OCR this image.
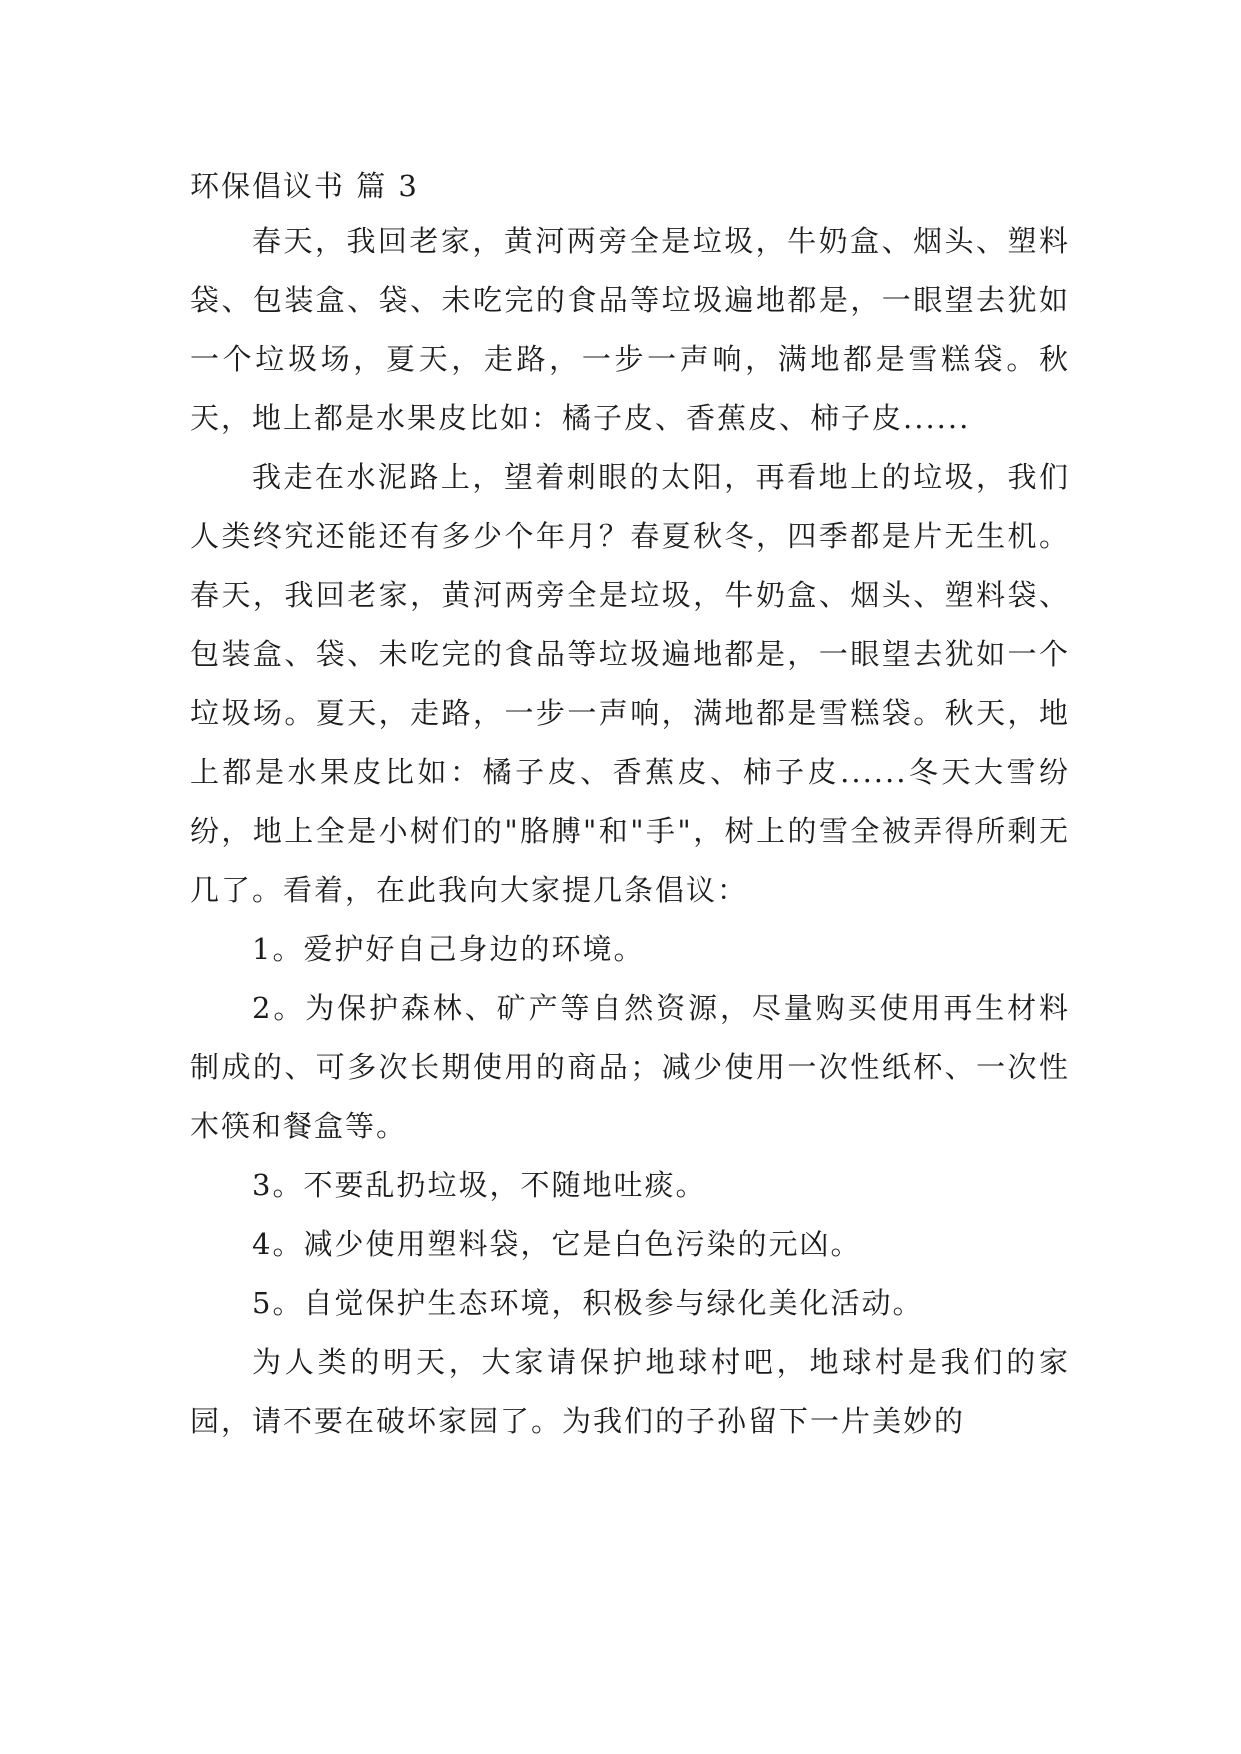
环保倡议书 篇 3

春天，我回老家，黄河两旁全是垃圾，牛奶盒、烟头、塑料袋、包装盒、袋、未吃完的食品等垃圾遍地都是，一眼望去犹如一个垃圾场，夏天，走路，一步一声响，满地都是雪糕袋。秋天，地上都是水果皮比如：橘子皮、香蕉皮、柿子皮......

我走在水泥路上，望着刺眼的太阳，再看地上的垃圾，我们人类终究还能还有多少个年月？春夏秋冬，四季都是片无生机。春天，我回老家，黄河两旁全是垃圾，牛奶盒、烟头、塑料袋、包装盒、袋、未吃完的食品等垃圾遍地都是，一眼望去犹如一个垃圾场。夏天，走路，一步一声响，满地都是雪糕袋。秋天，地上都是水果皮比如：橘子皮、香蕉皮、柿子皮......冬天大雪纷纷，地上全是小树们的"胳膊"和"手"，树上的雪全被弄得所剩无几了。看着，在此我向大家提几条倡议：

1。爱护好自己身边的环境。

2。为保护森林、矿产等自然资源，尽量购买使用再生材料制成的、可多次长期使用的商品；减少使用一次性纸杯、一次性木筷和餐盒等。

3。不要乱扔垃圾，不随地吐痰。

4。减少使用塑料袋，它是白色污染的元凶。

5。自觉保护生态环境，积极参与绿化美化活动。

为人类的明天，大家请保护地球村吧，地球村是我们的家园，请不要在破坏家园了。为我们的子孙留下一片美妙的
